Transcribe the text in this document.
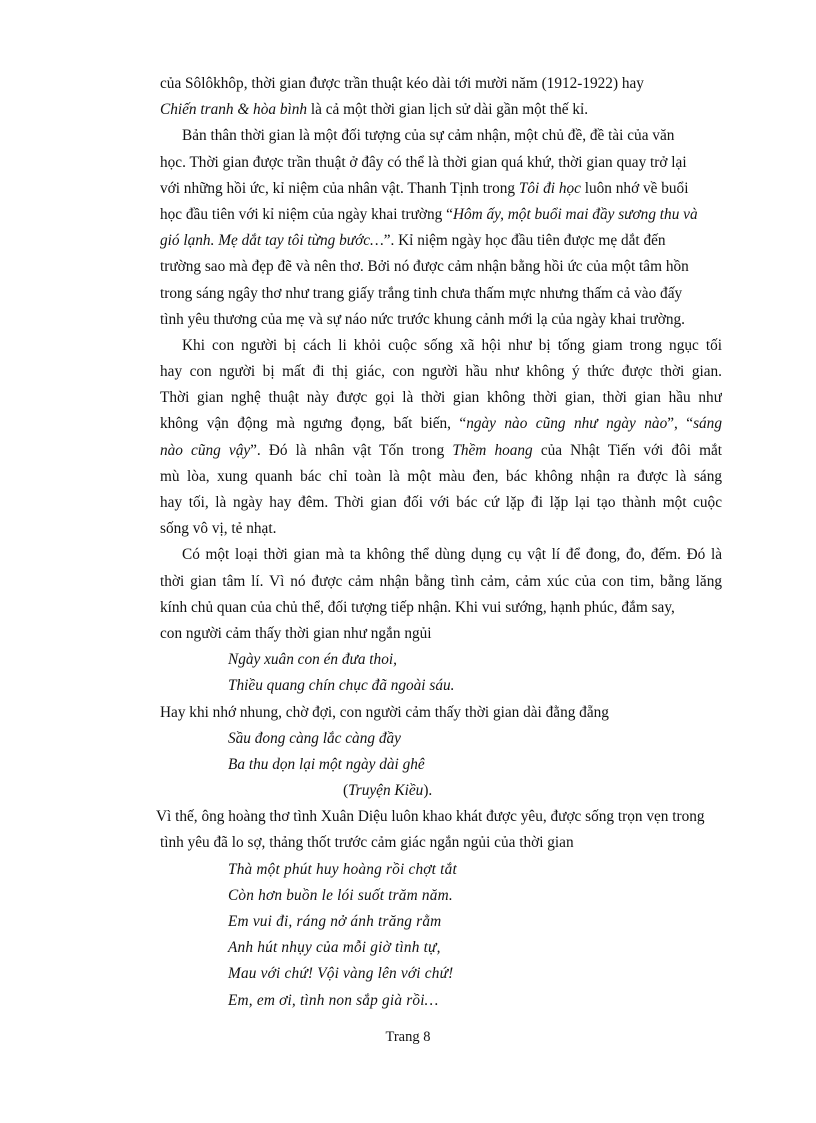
của Sôlôkhôp, thời gian được trần thuật kéo dài tới mười năm (1912-1922) hay
Chiến tranh & hòa bình là cả một thời gian lịch sử dài gần một thế kỉ.
Bản thân thời gian là một đối tượng của sự cảm nhận, một chủ đề, đề tài của văn
học. Thời gian được trần thuật ở đây có thể là thời gian quá khứ, thời gian quay trở lại
với những hồi ức, kỉ niệm của nhân vật. Thanh Tịnh trong Tôi đi học luôn nhớ về buổi
học đầu tiên với kỉ niệm của ngày khai trường “Hôm ấy, một buổi mai đầy sương thu và
gió lạnh. Mẹ dắt tay tôi từng bước…”. Kỉ niệm ngày học đầu tiên được mẹ dắt đến
trường sao mà đẹp đẽ và nên thơ. Bởi nó được cảm nhận bằng hồi ức của một tâm hồn
trong sáng ngây thơ như trang giấy trắng tinh chưa thấm mực nhưng thấm cả vào đấy
tình yêu thương của mẹ và sự náo nức trước khung cảnh mới lạ của ngày khai trường.
Khi con người bị cách li khỏi cuộc sống xã hội như bị tống giam trong ngục tối
hay con người bị mất đi thị giác, con người hầu như không ý thức được thời gian.
Thời gian nghệ thuật này được gọi là thời gian không thời gian, thời gian hầu như
không vận động mà ngưng đọng, bất biến, “ngày nào cũng như ngày nào”, “sáng
nào cũng vậy”. Đó là nhân vật Tốn trong Thềm hoang của Nhật Tiến với đôi mắt
mù lòa, xung quanh bác chỉ toàn là một màu đen, bác không nhận ra được là sáng
hay tối, là ngày hay đêm. Thời gian đối với bác cứ lặp đi lặp lại tạo thành một cuộc
sống vô vị, tẻ nhạt.
Có một loại thời gian mà ta không thể dùng dụng cụ vật lí để đong, đo, đếm. Đó là
thời gian tâm lí. Vì nó được cảm nhận bằng tình cảm, cảm xúc của con tim, bằng lăng
kính chủ quan của chủ thể, đối tượng tiếp nhận. Khi vui sướng, hạnh phúc, đắm say,
con người cảm thấy thời gian như ngắn ngủi
Ngày xuân con én đưa thoi,
Thiều quang chín chục đã ngoài sáu.
Hay khi nhớ nhung, chờ đợi, con người cảm thấy thời gian dài đằng đẵng
Sầu đong càng lắc càng đầy
Ba thu dọn lại một ngày dài ghê
(Truyện Kiều).
Vì thế, ông hoàng thơ tình Xuân Diệu luôn khao khát được yêu, được sống trọn vẹn trong
tình yêu đã lo sợ, thảng thốt trước cảm giác ngắn ngủi của thời gian
Thà một phút huy hoàng rồi chợt tắt
Còn hơn buồn le lói suốt trăm năm.
Em vui đi, ráng nở ánh trăng rằm
Anh hút nhụy của mỗi giờ tình tự,
Mau với chứ! Vội vàng lên với chứ!
Em, em ơi, tình non sắp già rồi…
Trang 8
